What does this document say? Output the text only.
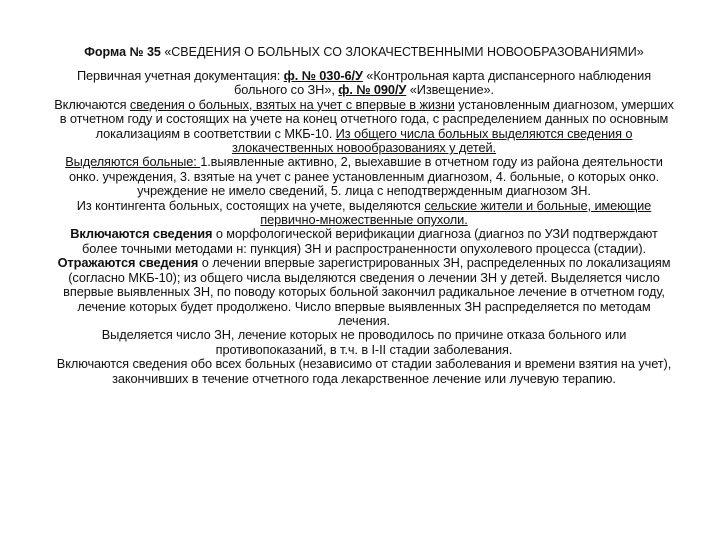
Форма № 35 «СВЕДЕНИЯ О БОЛЬНЫХ СО ЗЛОКАЧЕСТВЕННЫМИ НОВООБРАЗОВАНИЯМИ»

Первичная учетная документация: ф. № 030-6/У «Контрольная карта диспансерного наблюдения больного со ЗН», ф. № 090/У «Извещение».

Включаются сведения о больных, взятых на учет с впервые в жизни установленным диагнозом, умерших в отчетном году и состоящих на учете на конец отчетного года, с распределением данных по основным локализациям в соответствии с МКБ-10. Из общего числа больных выделяются сведения о злокачественных новообразованиях у детей.

Выделяются больные: 1.выявленные активно, 2, выехавшие в отчетном году из района деятельности онко. учреждения, 3. взятые на учет с ранее установленным диагнозом, 4. больные, о которых онко. учреждение не имело сведений, 5. лица с неподтвержденным диагнозом ЗН.

Из контингента больных, состоящих на учете, выделяются сельские жители и больные, имеющие первично-множественные опухоли.

Включаются сведения о морфологической верификации диагноза (диагноз по УЗИ подтверждают более точными методами н: пункция) ЗН и распространенности опухолевого процесса (стадии).

Отражаются сведения о лечении впервые зарегистрированных ЗН, распределенных по локализациям (согласно МКБ-10); из общего числа выделяются сведения о лечении ЗН у детей. Выделяется число впервые выявленных ЗН, по поводу которых больной закончил радикальное лечение в отчетном году, лечение которых будет продолжено. Число впервые выявленных ЗН распределяется по методам лечения.

Выделяется число ЗН, лечение которых не проводилось по причине отказа больного или противопоказаний, в т.ч. в I-II стадии заболевания.

Включаются сведения обо всех больных (независимо от стадии заболевания и времени взятия на учет), закончивших в течение отчетного года лекарственное лечение или лучевую терапию.
